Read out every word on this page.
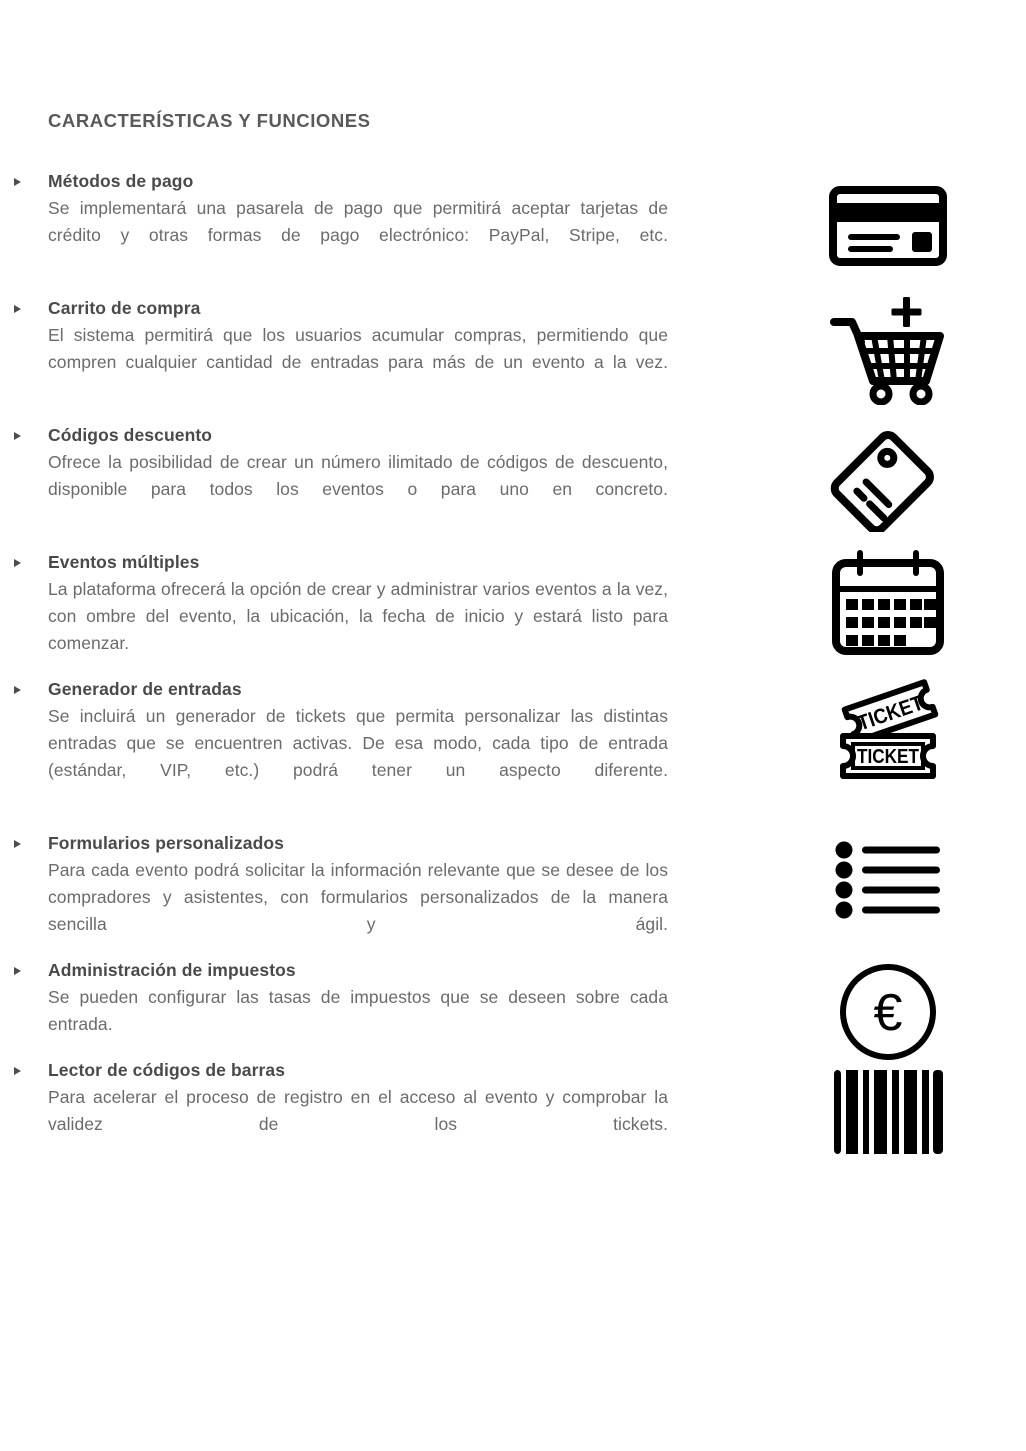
CARACTERÍSTICAS Y FUNCIONES
Métodos de pago
Se implementará una pasarela de pago que permitirá aceptar tarjetas de crédito y otras formas de pago electrónico: PayPal, Stripe, etc.
Carrito de compra
El sistema permitirá que los usuarios acumular compras, permitiendo que compren cualquier cantidad de entradas para más de un evento a la vez.
Códigos descuento
Ofrece la posibilidad de crear un número ilimitado de códigos de descuento, disponible para todos los eventos o para uno en concreto.
Eventos múltiples
La plataforma ofrecerá la opción de crear y administrar varios eventos a la vez, con ombre del evento, la ubicación, la fecha de inicio y estará listo para comenzar.
Generador de entradas
Se incluirá un generador de tickets que permita personalizar las distintas entradas que se encuentren activas. De esa modo, cada tipo de entrada (estándar, VIP, etc.) podrá tener un aspecto diferente.
TICKET
TICKET
Formularios personalizados
Para cada evento podrá solicitar la información relevante que se desee de los compradores y asistentes, con formularios personalizados de la manera sencilla y ágil.
Administración de impuestos
Se pueden configurar las tasas de impuestos que se deseen sobre cada entrada.	€
Lector de códigos de barras
Para acelerar el proceso de registro en el acceso al evento y comprobar la validez de los tickets.
